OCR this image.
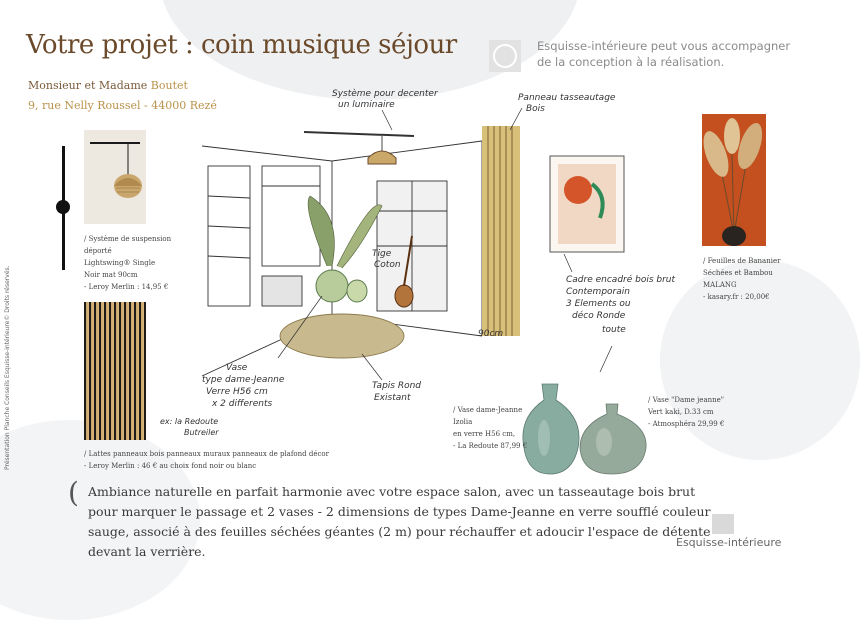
Présentation Planche Conseils Esquisse-intérieure© Droits réservés.
Votre projet : coin musique séjour
Monsieur et Madame Boutet
9, rue Nelly Roussel - 44000 Rezé
Esquisse-intérieure peut vous accompagner
de la conception à la réalisation.
/ Système de suspension déporté
Lightswing® Single
Noir mat 90cm
- Leroy Merlin : 14,95 €
/ Lattes panneaux bois panneaux muraux panneaux de plafond décor
- Leroy Merlin : 46 € au choix fond noir ou blanc
/ Feuilles de Bananier
Séchées et Bambou
MALANG
- kasary.fr : 20,00€
Système pour decenter
un luminaire
Panneau tasseautage
Bois
Tige
Coton
Cadre encadré bois brut
Contemporain
3 Elements ou
déco Ronde
toute
90cm
Vase
type dame-Jeanne
Verre H56 cm
x 2 differents
Tapis Rond
Existant
ex: la Redoute
Butreiler
/ Vase dame-Jeanne Izolia
en verre H56 cm,
- La Redoute 87,99 €
/ Vase "Dame jeanne"
Vert kaki, D.33 cm
- Atmosphéra 29,99 €
( Ambiance naturelle en parfait harmonie avec votre espace salon, avec un tasseautage bois brut pour marquer le passage et 2 vases - 2 dimensions de types Dame-Jeanne en verre soufflé couleur sauge, associé à des feuilles séchées géantes (2 m) pour réchauffer et adoucir l'espace de détente devant la verrière.
Esquisse-intérieure
